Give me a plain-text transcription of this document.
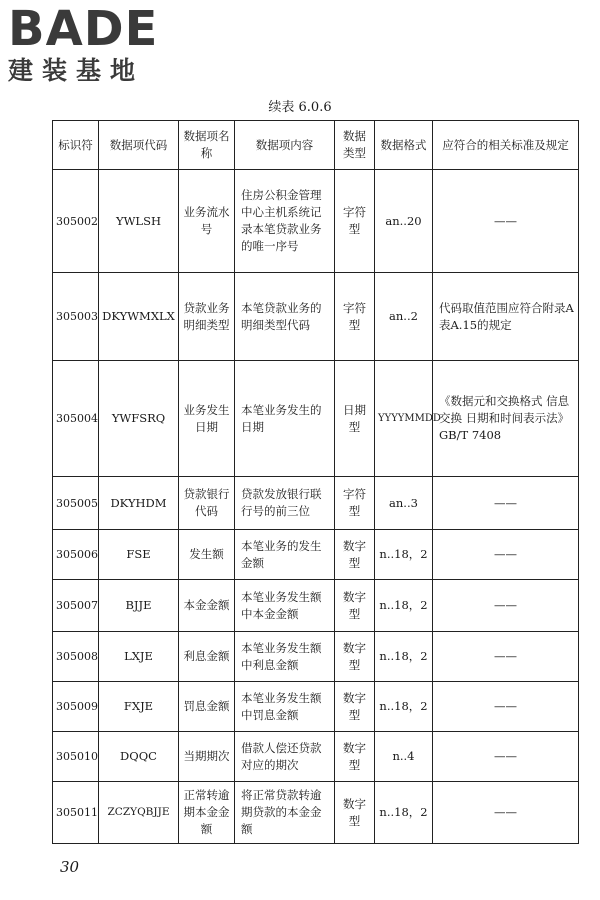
BADE
建装基地
续表 6.0.6
标识符	数据项代码	数据项名称	数据项内容	数据类型	数据格式	应符合的相关标准及规定
305002	YWLSH	业务流水号	住房公积金管理中心主机系统记录本笔贷款业务的唯一序号	字符型	an..20	——
305003	DKYWMXLX	贷款业务明细类型	本笔贷款业务的明细类型代码	字符型	an..2	代码取值范围应符合附录A表A.15的规定
305004	YWFSRQ	业务发生日期	本笔业务发生的日期	日期型	YYYYMMDD	《数据元和交换格式 信息交换 日期和时间表示法》GB/T 7408
305005	DKYHDM	贷款银行代码	贷款发放银行联行号的前三位	字符型	an..3	——
305006	FSE	发生额	本笔业务的发生金额	数字型	n..18，2	——
305007	BJJE	本金金额	本笔业务发生额中本金金额	数字型	n..18，2	——
305008	LXJE	利息金额	本笔业务发生额中利息金额	数字型	n..18，2	——
305009	FXJE	罚息金额	本笔业务发生额中罚息金额	数字型	n..18，2	——
305010	DQQC	当期期次	借款人偿还贷款对应的期次	数字型	n..4	——
305011	ZCZYQBJJE	正常转逾期本金金额	将正常贷款转逾期贷款的本金金额	数字型	n..18，2	——
30
